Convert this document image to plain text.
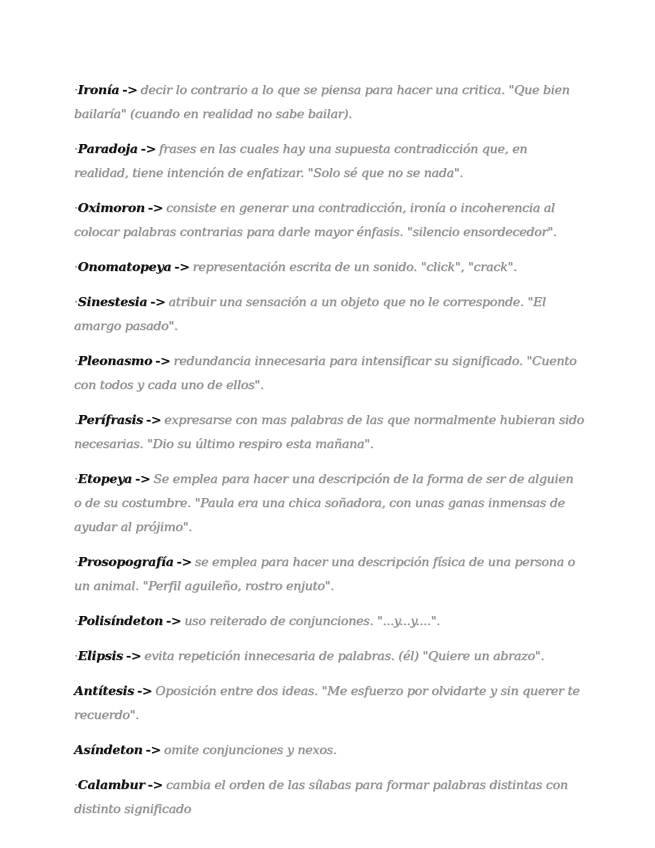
·Ironía -> decir lo contrario a lo que se piensa para hacer una critica. "Que bien bailaría" (cuando en realidad no sabe bailar).

·Paradoja -> frases en las cuales hay una supuesta contradicción que, en realidad, tiene intención de enfatizar. "Solo sé que no se nada".

·Oximoron -> consiste en generar una contradicción, ironía o incoherencia al colocar palabras contrarias para darle mayor énfasis. "silencio ensordecedor".

·Onomatopeya -> representación escrita de un sonido. "click", "crack".

·Sinestesia -> atribuir una sensación a un objeto que no le corresponde. "El amargo pasado".

·Pleonasmo -> redundancia innecesaria para intensificar su significado. "Cuento con todos y cada uno de ellos".

.Perífrasis -> expresarse con mas palabras de las que normalmente hubieran sido necesarias. "Dio su último respiro esta mañana".

·Etopeya -> Se emplea para hacer una descripción de la forma de ser de alguien o de su costumbre. "Paula era una chica soñadora, con unas ganas inmensas de ayudar al prójimo".

·Prosopografía -> se emplea para hacer una descripción física de una persona o un animal. "Perfil aguileño, rostro enjuto".

·Polisíndeton -> uso reiterado de conjunciones. "...y...y....".

·Elipsis -> evita repetición innecesaria de palabras. (él) "Quiere un abrazo".

Antítesis -> Oposición entre dos ideas. "Me esfuerzo por olvidarte y sin querer te recuerdo".

Asíndeton -> omite conjunciones y nexos.

·Calambur -> cambia el orden de las sílabas para formar palabras distintas con distinto significado
